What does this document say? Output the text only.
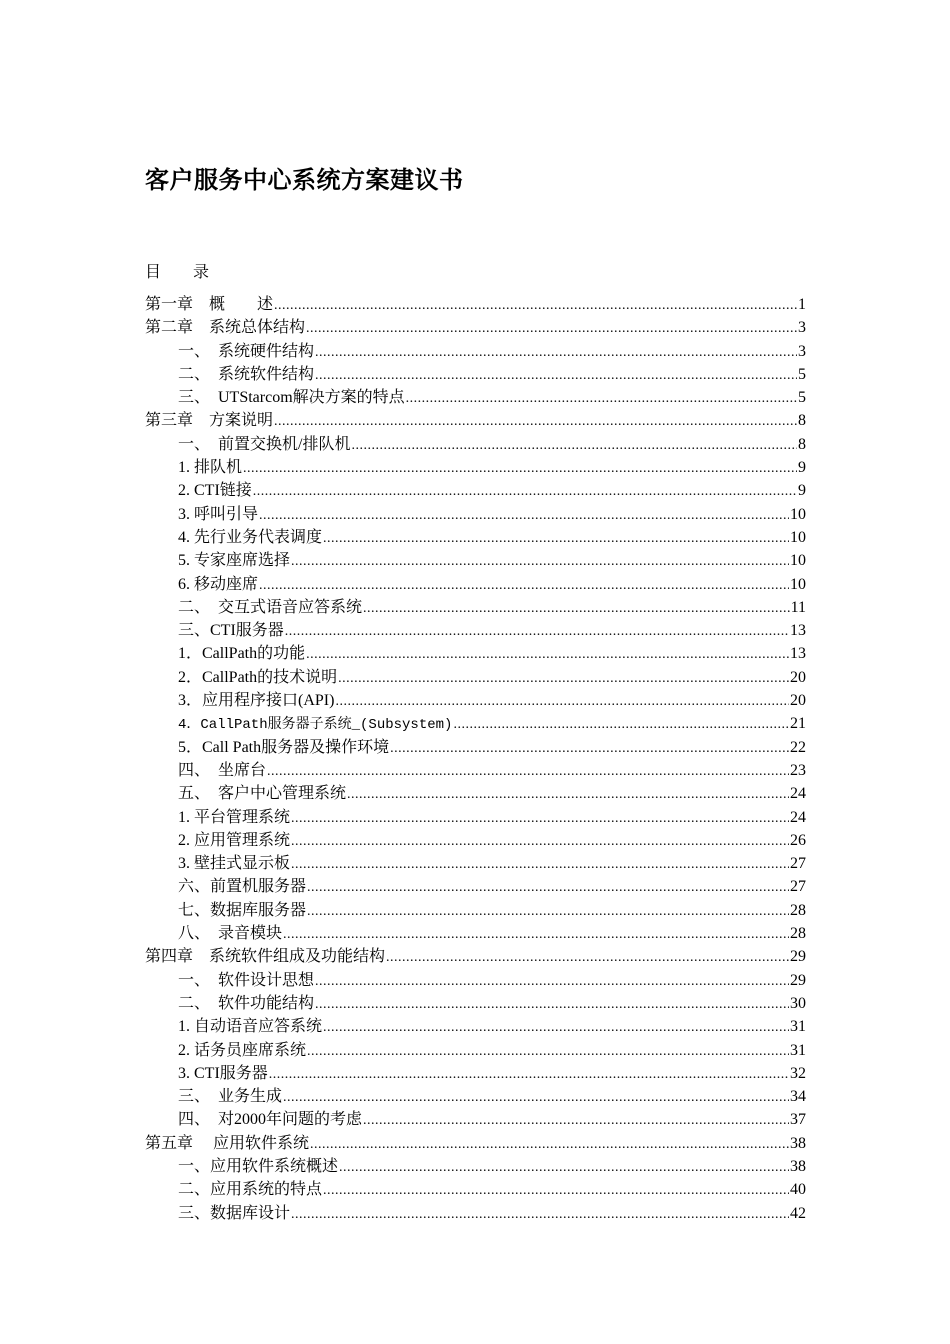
客户服务中心系统方案建议书
目　　录
第一章　概　　述 .....	1
第二章　系统总体结构 .....	3
一、　系统硬件结构 .....	3
二、　系统软件结构 .....	5
三、　UTStarcom解决方案的特点 .....	5
第三章　方案说明 .....	8
一、　前置交换机/排队机 .....	8
1. 排队机 .....	9
2. CTI链接 .....	9
3. 呼叫引导 .....	10
4. 先行业务代表调度 .....	10
5. 专家座席选择 .....	10
6. 移动座席 .....	10
二、　交互式语音应答系统 .....	11
三、CTI服务器 .....	13
1．CallPath的功能 .....	13
2．CallPath的技术说明 .....	20
3．应用程序接口(API) .....	20
4．CallPath服务器子系统_(Subsystem) .....	21
5．Call Path服务器及操作环境 .....	22
四、　坐席台 .....	23
五、　客户中心管理系统 .....	24
1. 平台管理系统 .....	24
2. 应用管理系统 .....	26
3. 壁挂式显示板 .....	27
六、前置机服务器 .....	27
七、数据库服务器 .....	28
八、　录音模块 .....	28
第四章　系统软件组成及功能结构 .....	29
一、　软件设计思想 .....	29
二、　软件功能结构 .....	30
1. 自动语音应答系统 .....	31
2. 话务员座席系统 .....	31
3. CTI服务器 .....	32
三、　业务生成 .....	34
四、　对2000年问题的考虑 .....	37
第五章　 应用软件系统 .....	38
一、应用软件系统概述 .....	38
二、应用系统的特点 .....	40
三、数据库设计 .....	42
